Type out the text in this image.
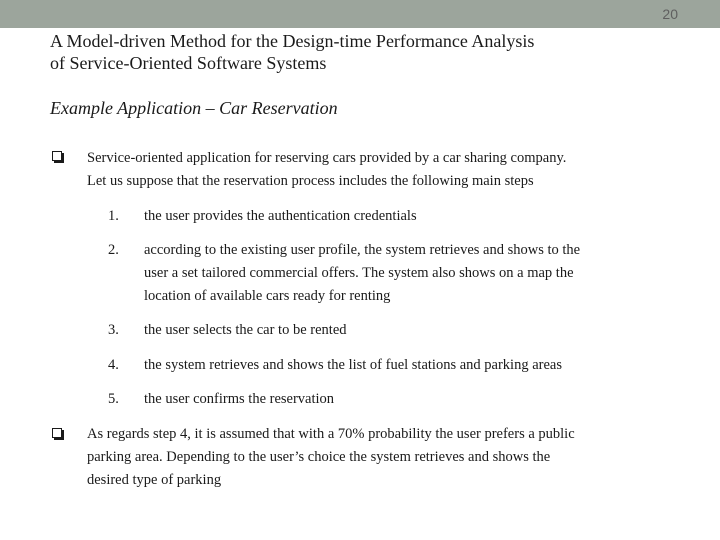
20
A Model-driven Method for the Design-time Performance Analysis
of Service-Oriented Software Systems
Example Application – Car Reservation
Service-oriented application for reserving cars provided by a car sharing company.
Let us suppose that the reservation process includes the following main steps
1. the user provides the authentication credentials
2. according to the existing user profile, the system retrieves and shows to the
user a set tailored commercial offers. The system also shows on a map the
location of available cars ready for renting
3. the user selects the car to be rented
4. the system retrieves and shows the list of fuel stations and parking areas
5. the user confirms the reservation
As regards step 4, it is assumed that with a 70% probability the user prefers a public
parking area. Depending to the user’s choice the system retrieves and shows the
desired type of parking
